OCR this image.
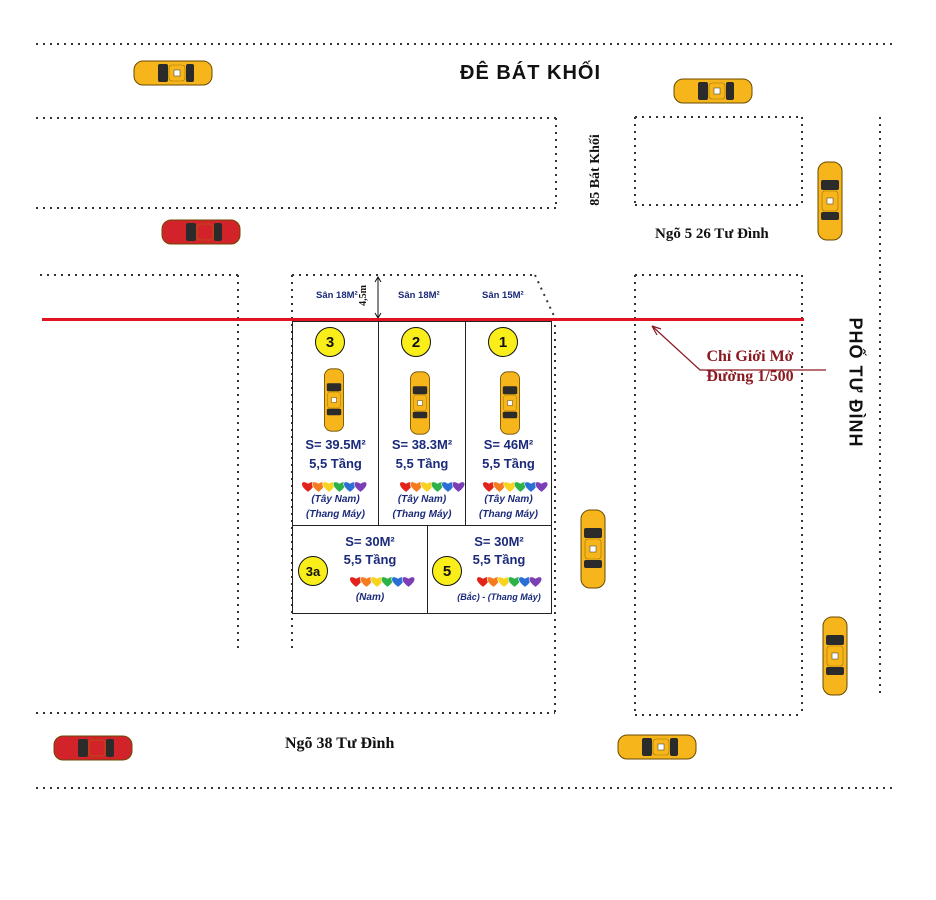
ĐÊ BÁT KHỐI
85 Bát Khối
Ngõ 5 26 Tư Đình
PHỐ TƯ ĐÌNH
Ngõ 38 Tư Đình
Chỉ Giới Mở Đường 1/500
4,5m
Sân 18M²	Sân 18M²	Sân 15M²
3
S= 39.5M²
5,5 Tầng
(Tây Nam)
(Thang Máy)
2
S= 38.3M²
5,5 Tầng
(Tây Nam)
(Thang Máy)
1
S= 46M²
5,5 Tầng
(Tây Nam)
(Thang Máy)
3a
S= 30M²
5,5 Tầng
(Nam)
5
S= 30M²
5,5 Tầng
(Bắc) - (Thang Máy)
